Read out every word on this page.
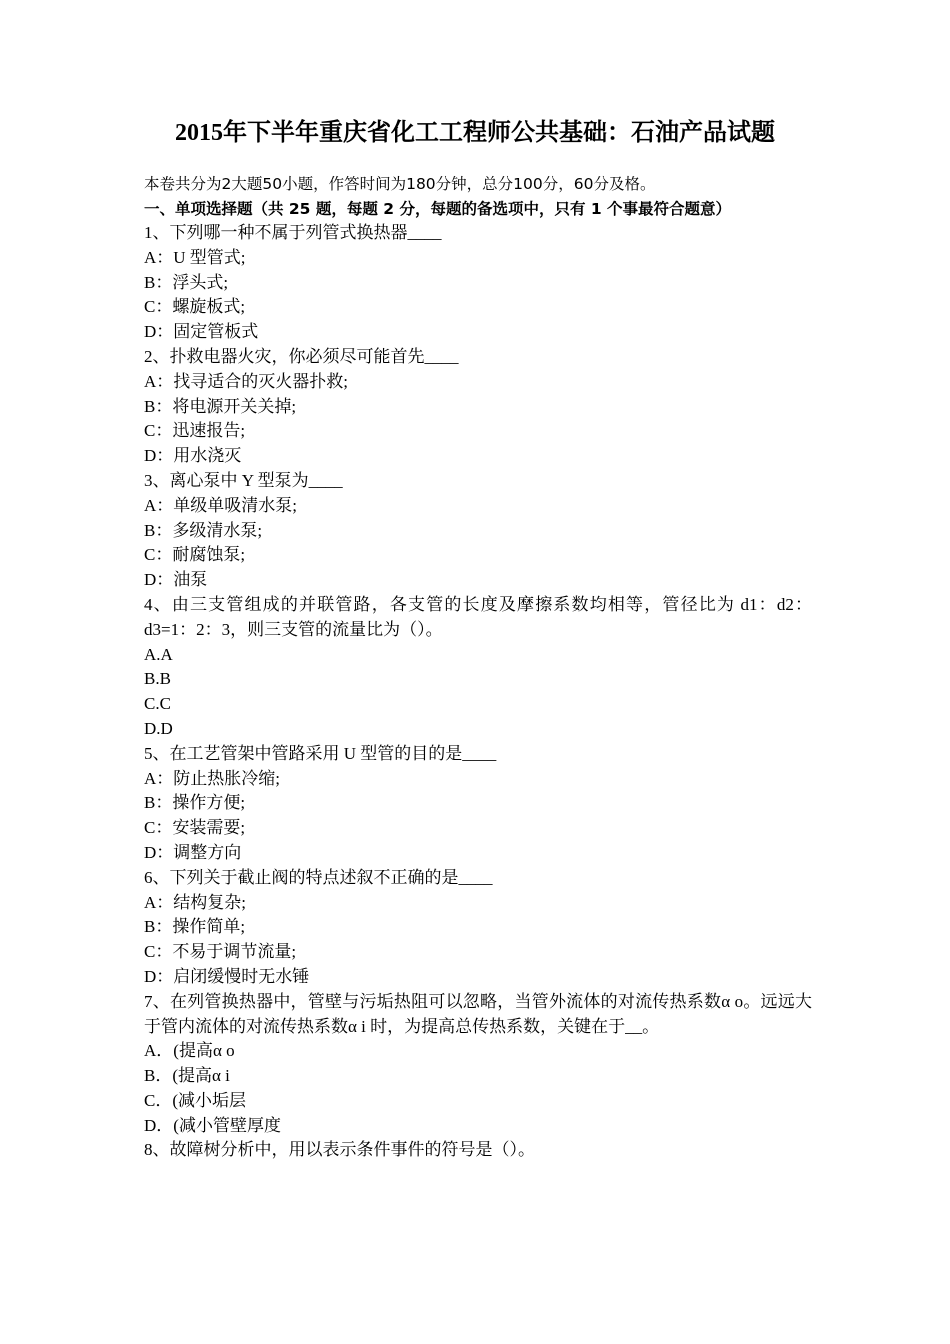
2015年下半年重庆省化工工程师公共基础：石油产品试题
本卷共分为2大题50小题，作答时间为180分钟，总分100分，60分及格。
一、单项选择题（共 25 题，每题 2 分，每题的备选项中，只有 1 个事最符合题意）
1、下列哪一种不属于列管式换热器____
A：U 型管式;
B：浮头式;
C：螺旋板式;
D：固定管板式
2、扑救电器火灾，你必须尽可能首先____
A：找寻适合的灭火器扑救;
B：将电源开关关掉;
C：迅速报告;
D：用水浇灭
3、离心泵中 Y 型泵为____
A：单级单吸清水泵;
B：多级清水泵;
C：耐腐蚀泵;
D：油泵
4、由三支管组成的并联管路，各支管的长度及摩擦系数均相等，管径比为 d1：d2：d3=1：2：3，则三支管的流量比为（）。
A.A
B.B
C.C
D.D
5、在工艺管架中管路采用 U 型管的目的是____
A：防止热胀冷缩;
B：操作方便;
C：安装需要;
D：调整方向
6、下列关于截止阀的特点述叙不正确的是____
A：结构复杂;
B：操作简单;
C：不易于调节流量;
D：启闭缓慢时无水锤
7、在列管换热器中，管壁与污垢热阻可以忽略，当管外流体的对流传热系数α o。远远大于管内流体的对流传热系数α i 时，为提高总传热系数，关键在于__。
A．(提高α o
B．(提高α i
C．(减小垢层
D．(减小管壁厚度
8、故障树分析中，用以表示条件事件的符号是（）。
